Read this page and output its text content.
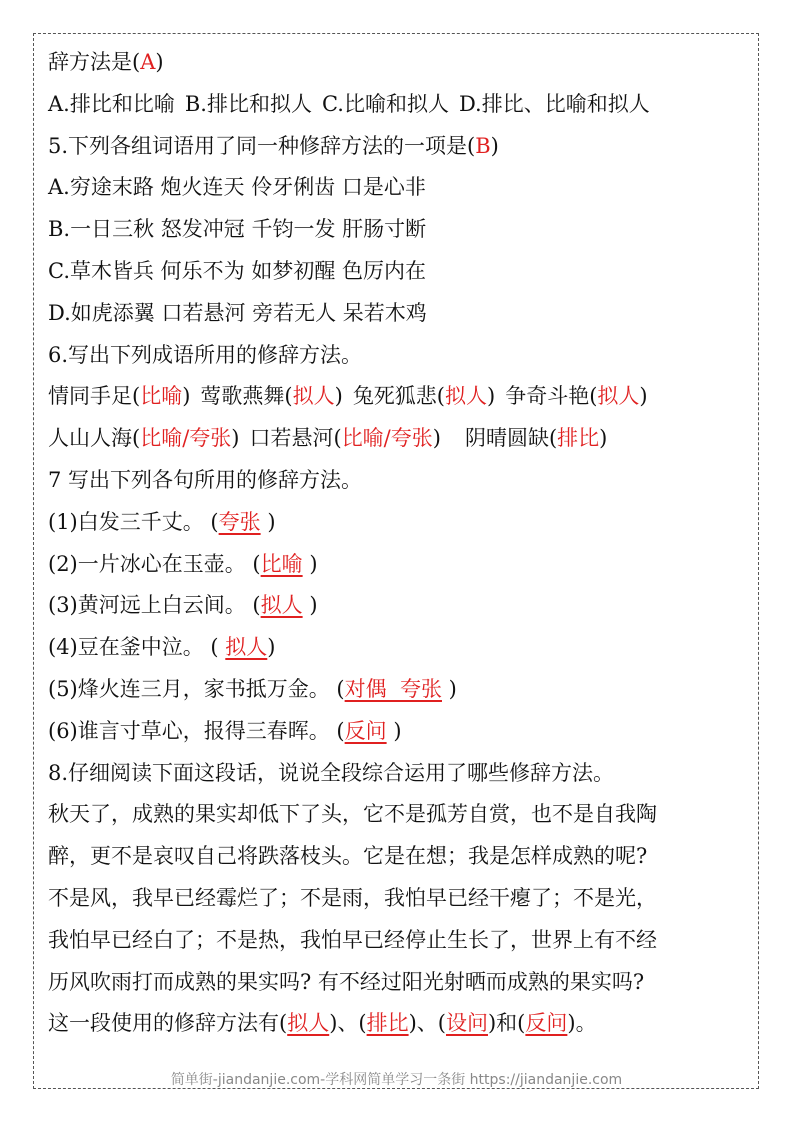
辞方法是(A)
A.排比和比喻 B.排比和拟人 C.比喻和拟人 D.排比、比喻和拟人
5.下列各组词语用了同一种修辞方法的一项是(B)
A.穷途末路 炮火连天 伶牙俐齿 口是心非
B.一日三秋 怒发冲冠 千钧一发 肝肠寸断
C.草木皆兵 何乐不为 如梦初醒 色厉内在
D.如虎添翼 口若悬河 旁若无人 呆若木鸡
6.写出下列成语所用的修辞方法。
情同手足(比喻) 莺歌燕舞(拟人) 兔死狐悲(拟人) 争奇斗艳(拟人)
人山人海(比喻/夸张) 口若悬河(比喻/夸张) 阴晴圆缺(排比)
7 写出下列各句所用的修辞方法。
(1)白发三千丈。 (夸张 )
(2)一片冰心在玉壶。 (比喻 )
(3)黄河远上白云间。 (拟人 )
(4)豆在釜中泣。 ( 拟人)
(5)烽火连三月，家书抵万金。 (对偶  夸张 )
(6)谁言寸草心，报得三春晖。 (反问 )
8.仔细阅读下面这段话，说说全段综合运用了哪些修辞方法。
秋天了，成熟的果实却低下了头，它不是孤芳自赏，也不是自我陶
醉，更不是哀叹自己将跌落枝头。它是在想；我是怎样成熟的呢?
不是风，我早已经霉烂了；不是雨，我怕早已经干瘪了；不是光，
我怕早已经白了；不是热，我怕早已经停止生长了，世界上有不经
历风吹雨打而成熟的果实吗? 有不经过阳光射晒而成熟的果实吗?
这一段使用的修辞方法有(拟人)、(排比)、(设问)和(反问)。
简单街-jiandanjie.com-学科网简单学习一条街 https://jiandanjie.com
